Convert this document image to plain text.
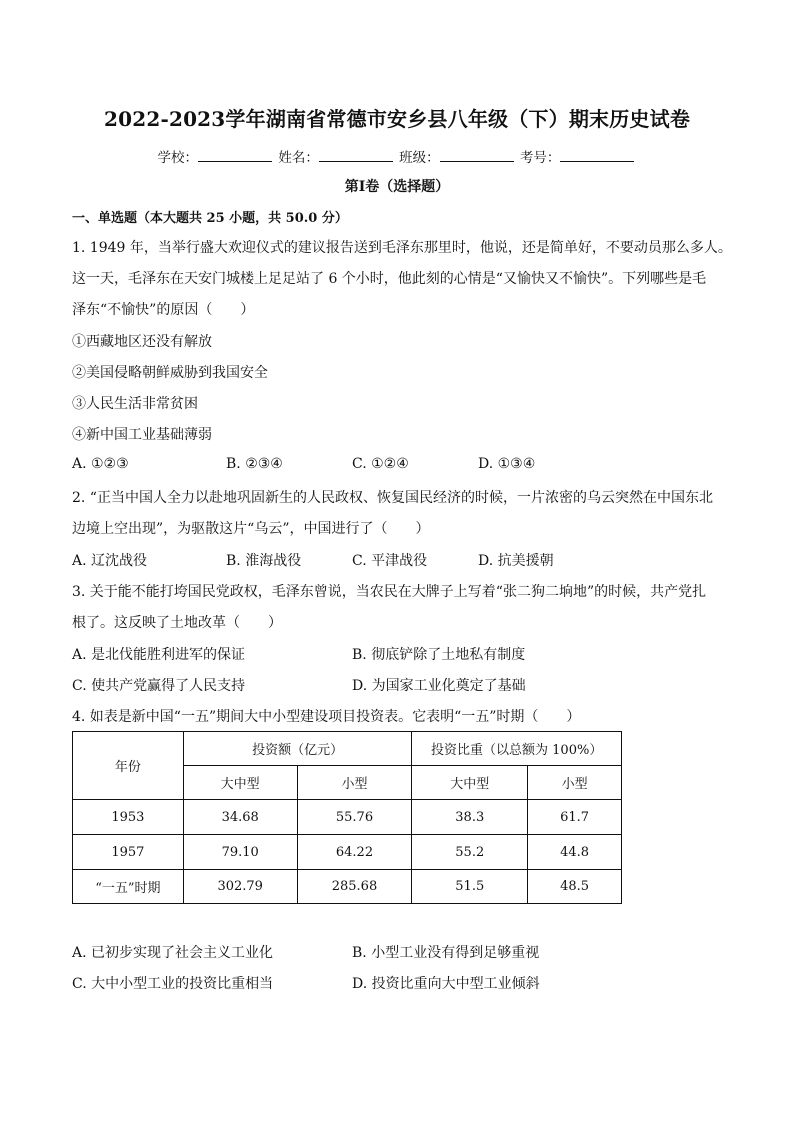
2022-2023学年湖南省常德市安乡县八年级（下）期末历史试卷
学校：	姓名：	班级：	考号：
第I卷（选择题）
一、单选题（本大题共 25 小题，共 50.0 分）
1. 1949 年，当举行盛大欢迎仪式的建议报告送到毛泽东那里时，他说，还是简单好，不要动员那么多人。
这一天，毛泽东在天安门城楼上足足站了 6 个小时，他此刻的心情是“又愉快又不愉快”。下列哪些是毛
泽东“不愉快”的原因（　　）
①西藏地区还没有解放
②美国侵略朝鲜威胁到我国安全
③人民生活非常贫困
④新中国工业基础薄弱
A. ①②③	B. ②③④	C. ①②④	D. ①③④
2. “正当中国人全力以赴地巩固新生的人民政权、恢复国民经济的时候，一片浓密的乌云突然在中国东北
边境上空出现”，为驱散这片“乌云”，中国进行了（　　）
A. 辽沈战役	B. 淮海战役	C. 平津战役	D. 抗美援朝
3. 关于能不能打垮国民党政权，毛泽东曾说，当农民在大牌子上写着“张二狗二垧地”的时候，共产党扎
根了。这反映了土地改革（　　）
A. 是北伐能胜利进军的保证	B. 彻底铲除了土地私有制度
C. 使共产党赢得了人民支持	D. 为国家工业化奠定了基础
4. 如表是新中国“一五”期间大中小型建设项目投资表。它表明“一五”时期（　　）
年份	投资额（亿元）		投资比重（以总额为 100%）	
	大中型	小型	大中型	小型
1953	34.68	55.76	38.3	61.7
1957	79.10	64.22	55.2	44.8
“一五”时期	302.79	285.68	51.5	48.5
A. 已初步实现了社会主义工业化	B. 小型工业没有得到足够重视
C. 大中小型工业的投资比重相当	D. 投资比重向大中型工业倾斜
